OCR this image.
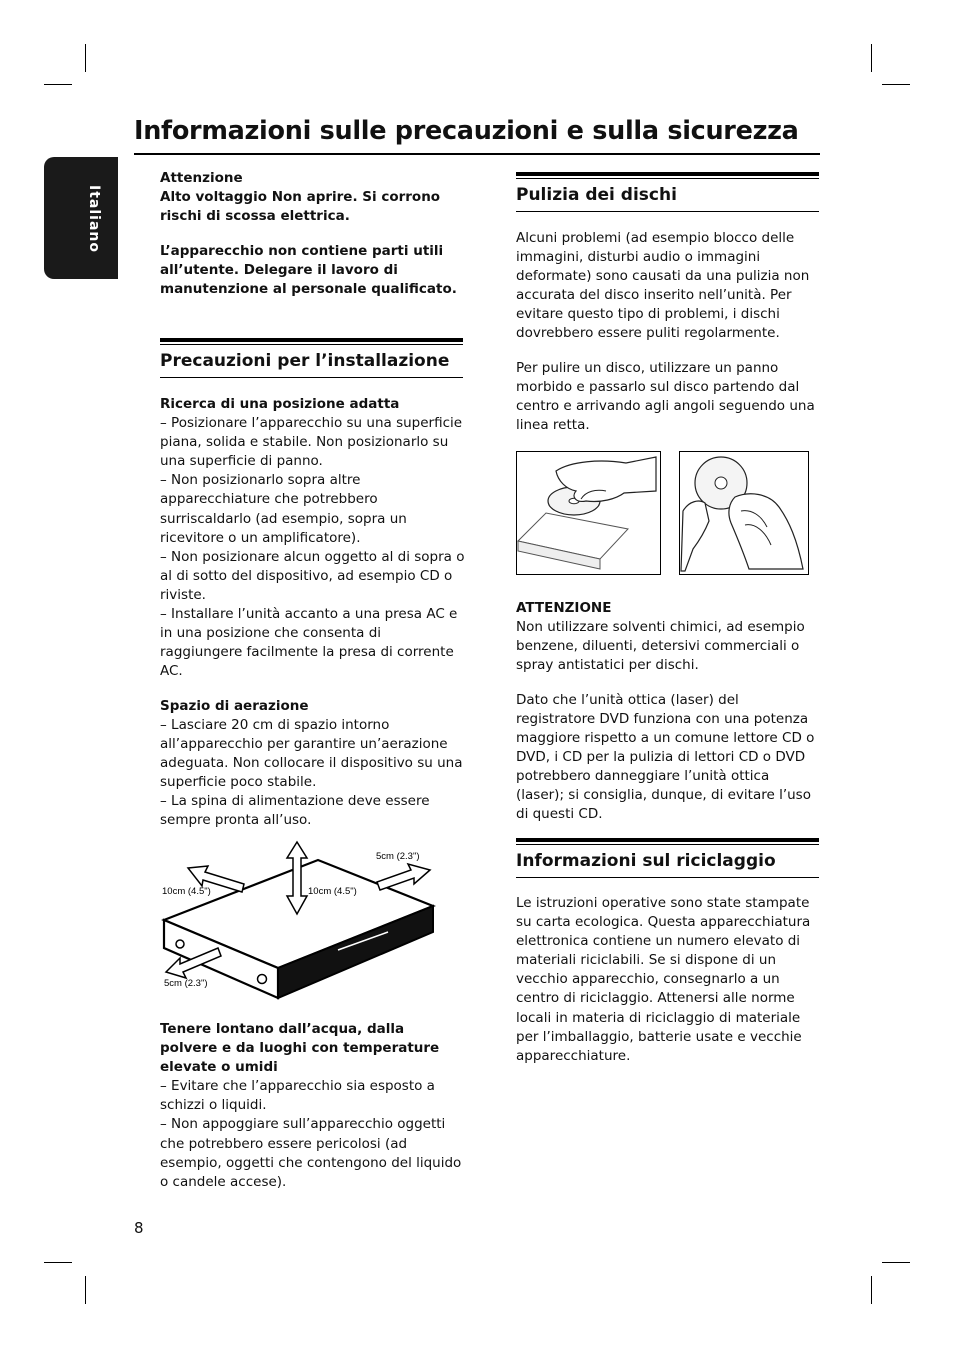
Informazioni sulle precauzioni e sulla sicurezza
Italiano

Attenzione

Alto voltaggio Non aprire. Si corrono rischi di scossa elettrica.

L’apparecchio non contiene parti utili all’utente. Delegare il lavoro di manutenzione al personale qualificato.

Precauzioni per l’installazione

Ricerca di una posizione adatta

– Posizionare l’apparecchio su una superficie piana, solida e stabile. Non posizionarlo su una superficie di panno.

– Non posizionarlo sopra altre apparecchiature che potrebbero surriscaldarlo (ad esempio, sopra un ricevitore o un amplificatore).

– Non posizionare alcun oggetto al di sopra o al di sotto del dispositivo, ad esempio CD o riviste.

– Installare l’unità accanto a una presa AC e in una posizione che consenta di raggiungere facilmente la presa di corrente AC.

Spazio di aerazione

– Lasciare 20 cm di spazio intorno all’apparecchio per garantire un’aerazione adeguata. Non collocare il dispositivo su una superficie poco stabile.

– La spina di alimentazione deve essere sempre pronta all’uso.

5cm (2.3")
10cm (4.5")	10cm (4.5")
5cm (2.3")

Tenere lontano dall’acqua, dalla polvere e da luoghi con temperature elevate o umidi

– Evitare che l’apparecchio sia esposto a schizzi o liquidi.

– Non appoggiare sull’apparecchio oggetti che potrebbero essere pericolosi (ad esempio, oggetti che contengono del liquido o candele accese).

Pulizia dei dischi

Alcuni problemi (ad esempio blocco delle immagini, disturbi audio o immagini deformate) sono causati da una pulizia non accurata del disco inserito nell’unità. Per evitare questo tipo di problemi, i dischi dovrebbero essere puliti regolarmente.

Per pulire un disco, utilizzare un panno morbido e passarlo sul disco partendo dal centro e arrivando agli angoli seguendo una linea retta.

ATTENZIONE

Non utilizzare solventi chimici, ad esempio benzene, diluenti, detersivi commerciali o spray antistatici per dischi.

Dato che l’unità ottica (laser) del registratore DVD funziona con una potenza maggiore rispetto a un comune lettore CD o DVD, i CD per la pulizia di lettori CD o DVD potrebbero danneggiare l’unità ottica (laser); si consiglia, dunque, di evitare l’uso di questi CD.

Informazioni sul riciclaggio

Le istruzioni operative sono state stampate su carta ecologica. Questa apparecchiatura elettronica contiene un numero elevato di materiali riciclabili. Se si dispone di un vecchio apparecchio, consegnarlo a un centro di riciclaggio. Attenersi alle norme locali in materia di riciclaggio di materiale per l’imballaggio, batterie usate e vecchie apparecchiature.

8
